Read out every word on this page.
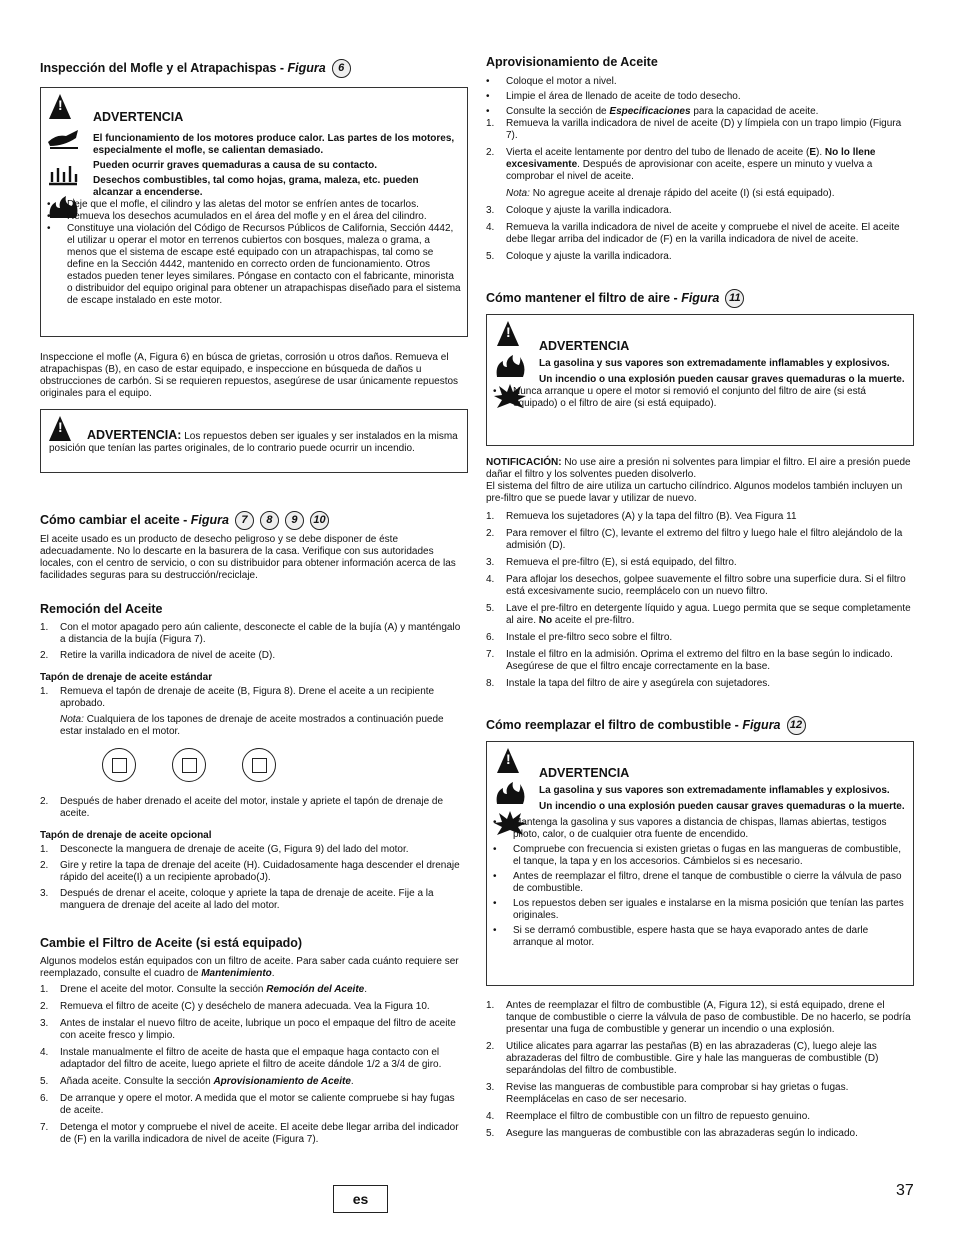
Inspección del Mofle y el Atrapachispas - Figura 6
!
ADVERTENCIA

El funcionamiento de los motores produce calor. Las partes de los motores, especialmente el mofle, se calientan demasiado.

Pueden ocurrir graves quemaduras a causa de su contacto.

Desechos combustibles, tal como hojas, grama, maleza, etc. pueden alcanzar a encenderse.

• Deje que el mofle, el cilindro y las aletas del motor se enfríen antes de tocarlos.

• Remueva los desechos acumulados en el área del mofle y en el área del cilindro.

• Constituye una violación del Código de Recursos Públicos de California, Sección 4442, el utilizar u operar el motor en terrenos cubiertos con bosques, maleza o grama, a menos que el sistema de escape esté equipado con un atrapachispas, tal como se define en la Sección 4442, mantenido en correcto orden de funcionamiento. Otros estados pueden tener leyes similares. Póngase en contacto con el fabricante, minorista o distribuidor del equipo original para obtener un atrapachispas diseñado para el sistema de escape instalado en este motor.

Inspeccione el mofle (A, Figura 6) en búsca de grietas, corrosión u otros daños. Remueva el atrapachispas (B), en caso de estar equipado, e inspeccione en búsqueda de daños u obstrucciones de carbón. Si se requieren repuestos, asegúrese de usar únicamente repuestos originales para el equipo.

!

ADVERTENCIA: Los repuestos deben ser iguales y ser instalados en la misma posición que tenían las partes originales, de lo contrario puede ocurrir un incendio.

Cómo cambiar el aceite - Figura 7 8 9 10

El aceite usado es un producto de desecho peligroso y se debe disponer de éste adecuadamente. No lo descarte en la basurera de la casa. Verifique con sus autoridades locales, con el centro de servicio, o con su distribuidor para obtener información acerca de las facilidades seguras para su destrucción/reciclaje.

Remoción del Aceite

1. Con el motor apagado pero aún caliente, desconecte el cable de la bujía (A) y manténgalo a distancia de la bujía (Figura 7).

2. Retire la varilla indicadora de nivel de aceite (D).

Tapón de drenaje de aceite estándar

1. Remueva el tapón de drenaje de aceite (B, Figura 8). Drene el aceite a un recipiente aprobado.

Nota: Cualquiera de los tapones de drenaje de aceite mostrados a continuación puede estar instalado en el motor.

2. Después de haber drenado el aceite del motor, instale y apriete el tapón de drenaje de aceite.

Tapón de drenaje de aceite opcional

1. Desconecte la manguera de drenaje de aceite (G, Figura 9) del lado del motor.

2. Gire y retire la tapa de drenaje del aceite (H). Cuidadosamente haga descender el drenaje rápido del aceite(I) a un recipiente aprobado(J).

3. Después de drenar el aceite, coloque y apriete la tapa de drenaje de aceite. Fije a la manguera de drenaje del aceite al lado del motor.

Cambie el Filtro de Aceite (si está equipado)

Algunos modelos están equipados con un filtro de aceite. Para saber cada cuánto requiere ser reemplazado, consulte el cuadro de Mantenimiento.

1. Drene el aceite del motor. Consulte la sección Remoción del Aceite.

2. Remueva el filtro de aceite (C) y deséchelo de manera adecuada. Vea la Figura 10.

3. Antes de instalar el nuevo filtro de aceite, lubrique un poco el empaque del filtro de aceite con aceite fresco y limpio.

4. Instale manualmente el filtro de aceite de hasta que el empaque haga contacto con el adaptador del filtro de aceite, luego apriete el filtro de aceite dándole 1/2 a 3/4 de giro.

5. Añada aceite. Consulte la sección Aprovisionamiento de Aceite.

6. De arranque y opere el motor. A medida que el motor se caliente compruebe si hay fugas de aceite.

7. Detenga el motor y compruebe el nivel de aceite. El aceite debe llegar arriba del indicador de (F) en la varilla indicadora de nivel de aceite (Figura 7).

Aprovisionamiento de Aceite

• Coloque el motor a nivel.

• Limpie el área de llenado de aceite de todo desecho.

• Consulte la sección de Especificaciones para la capacidad de aceite.

1. Remueva la varilla indicadora de nivel de aceite (D) y límpiela con un trapo limpio (Figura 7).

2. Vierta el aceite lentamente por dentro del tubo de llenado de aceite (E). No lo llene excesivamente. Después de aprovisionar con aceite, espere un minuto y vuelva a comprobar el nivel de aceite.

Nota: No agregue aceite al drenaje rápido del aceite (I) (si está equipado).

3. Coloque y ajuste la varilla indicadora.

4. Remueva la varilla indicadora de nivel de aceite y compruebe el nivel de aceite. El aceite debe llegar arriba del indicador de (F) en la varilla indicadora de nivel de aceite.

5. Coloque y ajuste la varilla indicadora.

Cómo mantener el filtro de aire - Figura 11
!
ADVERTENCIA

La gasolina y sus vapores son extremadamente inflamables y explosivos.

Un incendio o una explosión pueden causar graves quemaduras o la muerte.

• Nunca arranque u opere el motor si removió el conjunto del filtro de aire (si está equipado) o el filtro de aire (si está equipado).

NOTIFICACIÓN: No use aire a presión ni solventes para limpiar el filtro. El aire a presión puede dañar el filtro y los solventes pueden disolverlo.

El sistema del filtro de aire utiliza un cartucho cilíndrico. Algunos modelos también incluyen un pre-filtro que se puede lavar y utilizar de nuevo.

1. Remueva los sujetadores (A) y la tapa del filtro (B). Vea Figura 11

2. Para remover el filtro (C), levante el extremo del filtro y luego hale el filtro alejándolo de la admisión (D).

3. Remueva el pre-filtro (E), si está equipado, del filtro.

4. Para aflojar los desechos, golpee suavemente el filtro sobre una superficie dura. Si el filtro está excesivamente sucio, reemplácelo con un nuevo filtro.

5. Lave el pre-filtro en detergente líquido y agua. Luego permita que se seque completamente al aire. No aceite el pre-filtro.

6. Instale el pre-filtro seco sobre el filtro.

7. Instale el filtro en la admisión. Oprima el extremo del filtro en la base según lo indicado. Asegúrese de que el filtro encaje correctamente en la base.

8. Instale la tapa del filtro de aire y asegúrela con sujetadores.

Cómo reemplazar el filtro de combustible - Figura 12
!
ADVERTENCIA

La gasolina y sus vapores son extremadamente inflamables y explosivos.

Un incendio o una explosión pueden causar graves quemaduras o la muerte.

• Mantenga la gasolina y sus vapores a distancia de chispas, llamas abiertas, testigos piloto, calor, o de cualquier otra fuente de encendido.

• Compruebe con frecuencia si existen grietas o fugas en las mangueras de combustible, el tanque, la tapa y en los accesorios. Cámbielos si es necesario.

• Antes de reemplazar el filtro, drene el tanque de combustible o cierre la válvula de paso de combustible.

• Los repuestos deben ser iguales e instalarse en la misma posición que tenían las partes originales.

• Si se derramó combustible, espere hasta que se haya evaporado antes de darle arranque al motor.

1. Antes de reemplazar el filtro de combustible (A, Figura 12), si está equipado, drene el tanque de combustible o cierre la válvula de paso de combustible. De no hacerlo, se podría presentar una fuga de combustible y generar un incendio o una explosión.

2. Utilice alicates para agarrar las pestañas (B) en las abrazaderas (C), luego aleje las abrazaderas del filtro de combustible. Gire y hale las mangueras de combustible (D) separándolas del filtro de combustible.

3. Revise las mangueras de combustible para comprobar si hay grietas o fugas. Reemplácelas en caso de ser necesario.

4. Reemplace el filtro de combustible con un filtro de repuesto genuino.

5. Asegure las mangueras de combustible con las abrazaderas según lo indicado.

es	37
